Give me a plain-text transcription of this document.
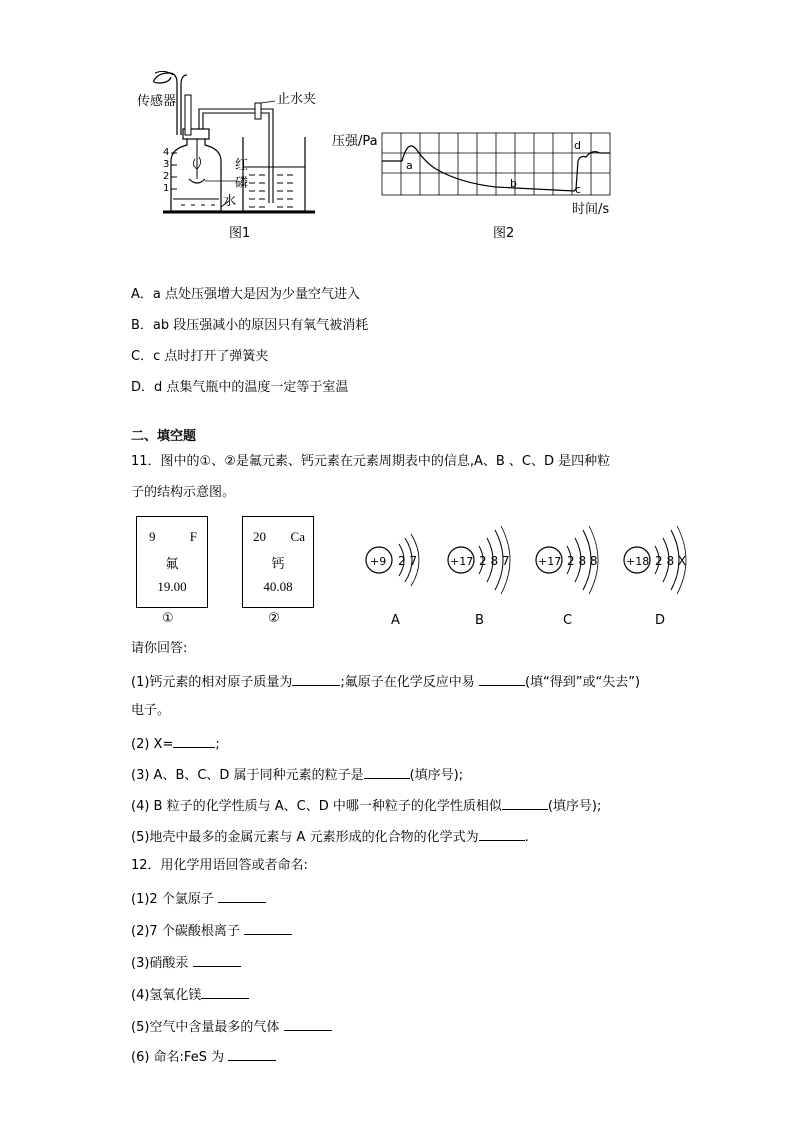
传感器	止水夹
红
磷
水
4
3
2
1
图1
压强/Pa
时间/s
a
b	c
d
图2
A．a 点处压强增大是因为少量空气进入
B．ab 段压强减小的原因只有氧气被消耗
C．c 点时打开了弹簧夹
D．d 点集气瓶中的温度一定等于室温
二、填空题
11．图中的①、②是氟元素、钙元素在元素周期表中的信息,A、B 、C、D 是四种粒
子的结构示意图。
9	F
氟
19.00
①
20 Ca
钙
40.08
②
+9 2 7
A
+17 2 8 7
B
+17 2 8 8
C
+18 2 8 X
D
请你回答:
(1)钙元素的相对原子质量为	;氟原子在化学反应中易	(填“得到”或“失去”)
电子。
(2) X=	;
(3) A、B、C、D 属于同种元素的粒子是	(填序号);
(4) B 粒子的化学性质与 A、C、D 中哪一种粒子的化学性质相似	(填序号);
(5)地壳中最多的金属元素与 A 元素形成的化合物的化学式为	.
12．用化学用语回答或者命名:
(1)2 个氯原子
(2)7 个碳酸根离子
(3)硝酸汞
(4)氢氧化镁
(5)空气中含量最多的气体
(6) 命名:FeS 为
